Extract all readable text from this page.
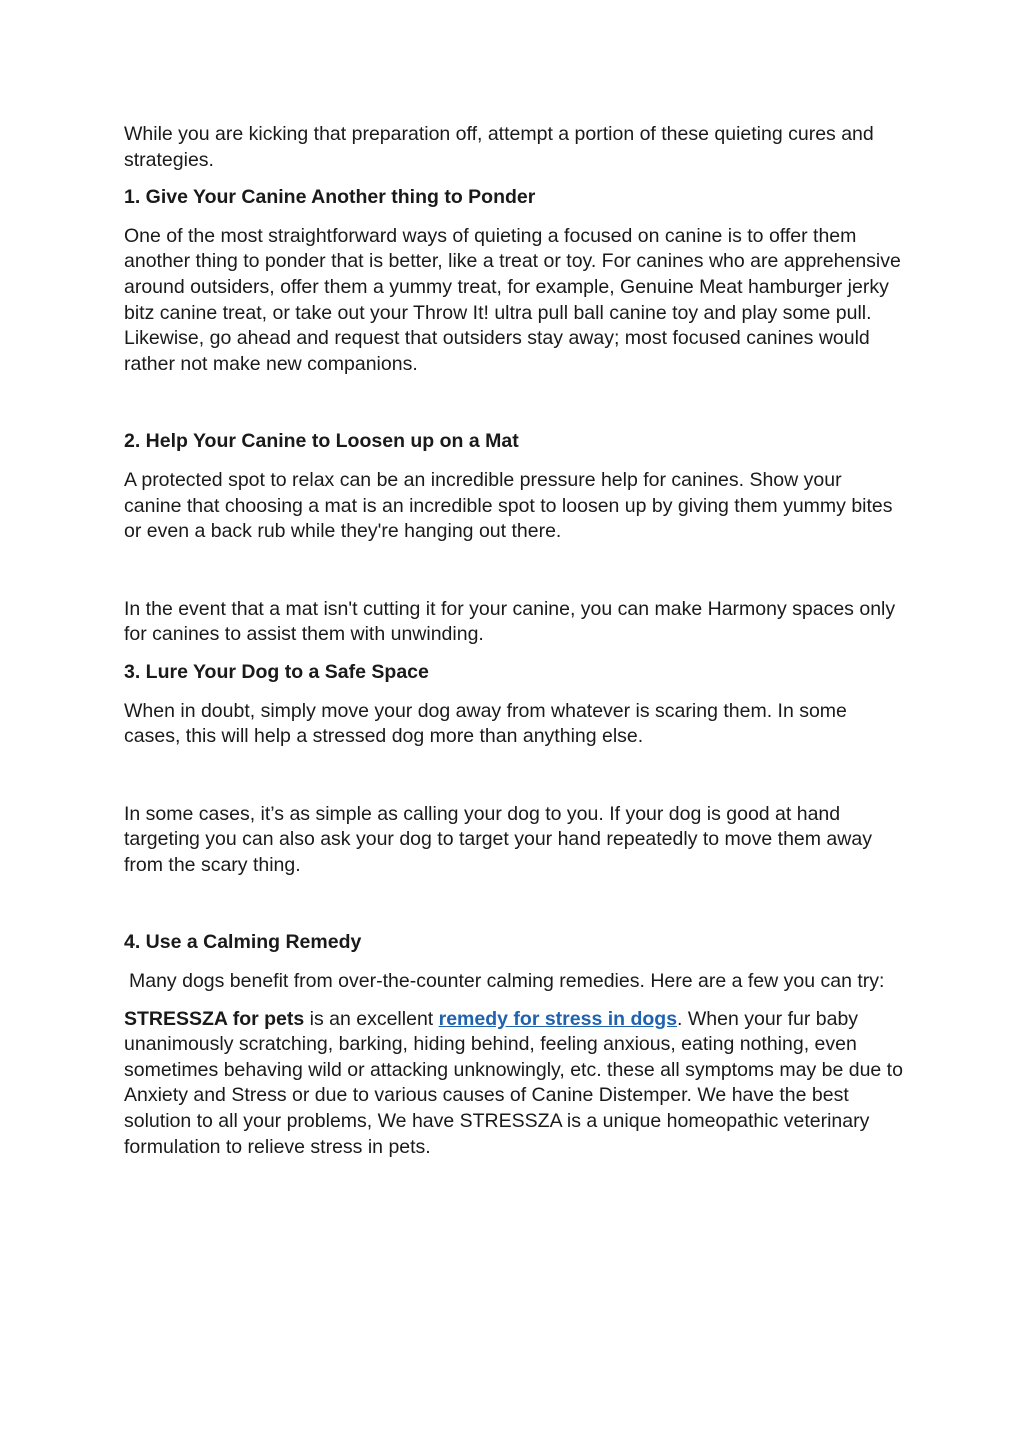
While you are kicking that preparation off, attempt a portion of these quieting cures and strategies.

1. Give Your Canine Another thing to Ponder

One of the most straightforward ways of quieting a focused on canine is to offer them another thing to ponder that is better, like a treat or toy. For canines who are apprehensive around outsiders, offer them a yummy treat, for example, Genuine Meat hamburger jerky bitz canine treat, or take out your Throw It! ultra pull ball canine toy and play some pull. Likewise, go ahead and request that outsiders stay away; most focused canines would rather not make new companions.

2. Help Your Canine to Loosen up on a Mat

A protected spot to relax can be an incredible pressure help for canines. Show your canine that choosing a mat is an incredible spot to loosen up by giving them yummy bites or even a back rub while they're hanging out there.

In the event that a mat isn't cutting it for your canine, you can make Harmony spaces only for canines to assist them with unwinding.

3. Lure Your Dog to a Safe Space

When in doubt, simply move your dog away from whatever is scaring them. In some cases, this will help a stressed dog more than anything else.

In some cases, it’s as simple as calling your dog to you. If your dog is good at hand targeting you can also ask your dog to target your hand repeatedly to move them away from the scary thing.

4. Use a Calming Remedy

Many dogs benefit from over-the-counter calming remedies. Here are a few you can try:

STRESSZA for pets is an excellent remedy for stress in dogs. When your fur baby unanimously scratching, barking, hiding behind, feeling anxious, eating nothing, even sometimes behaving wild or attacking unknowingly, etc. these all symptoms may be due to Anxiety and Stress or due to various causes of Canine Distemper. We have the best solution to all your problems, We have STRESSZA is a unique homeopathic veterinary formulation to relieve stress in pets.
